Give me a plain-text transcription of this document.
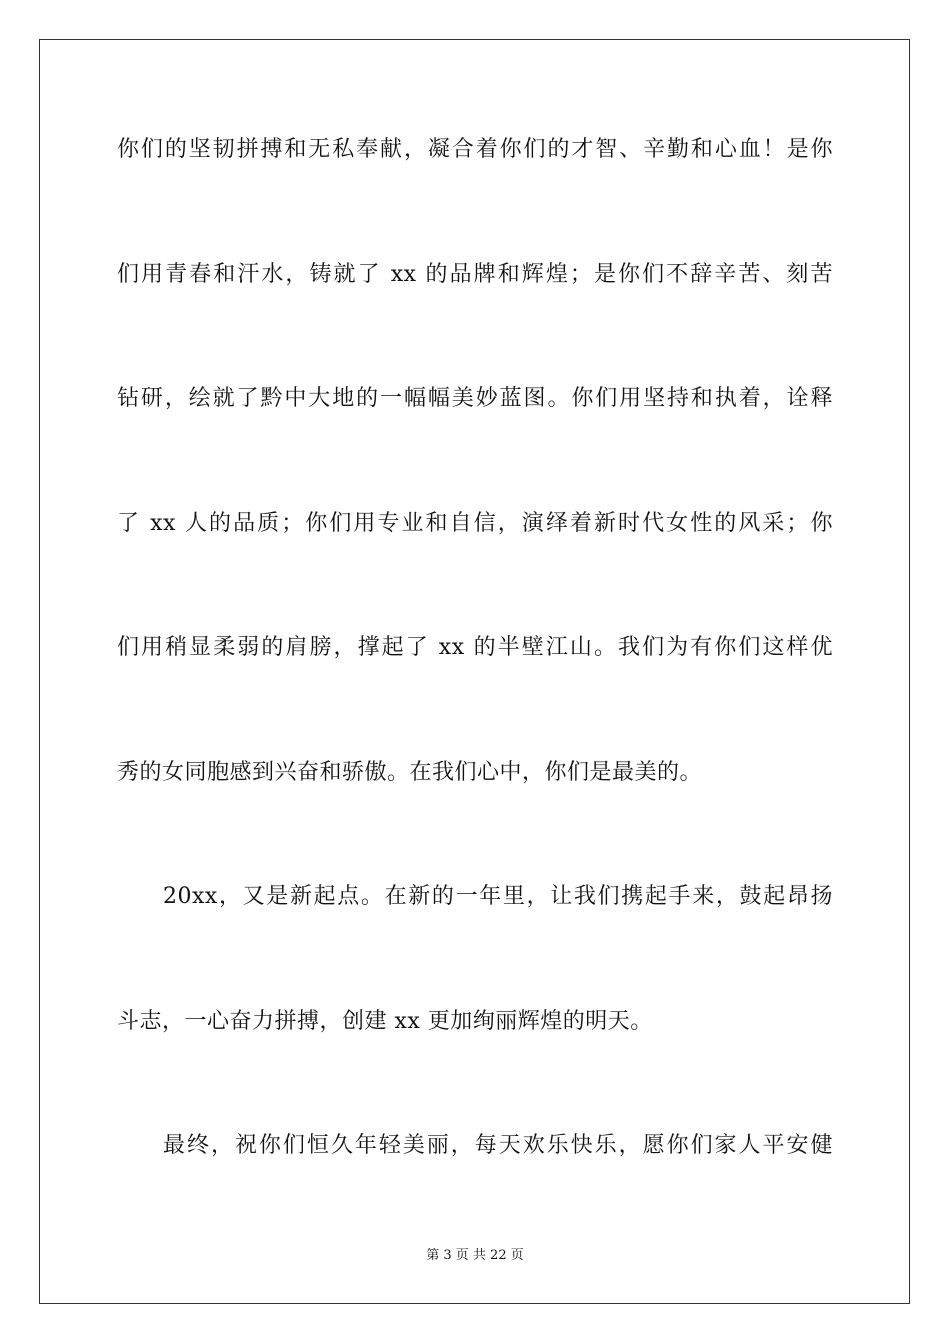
你们的坚韧拼搏和无私奉献，凝合着你们的才智、辛勤和心血！是你
们用青春和汗水，铸就了 xx 的品牌和辉煌；是你们不辞辛苦、刻苦
钻研，绘就了黔中大地的一幅幅美妙蓝图。你们用坚持和执着，诠释
了 xx 人的品质；你们用专业和自信，演绎着新时代女性的风采；你
们用稍显柔弱的肩膀，撑起了 xx 的半壁江山。我们为有你们这样优
秀的女同胞感到兴奋和骄傲。在我们心中，你们是最美的。
20xx，又是新起点。在新的一年里，让我们携起手来，鼓起昂扬
斗志，一心奋力拼搏，创建 xx 更加绚丽辉煌的明天。
最终，祝你们恒久年轻美丽，每天欢乐快乐，愿你们家人平安健
第 3 页 共 22 页
